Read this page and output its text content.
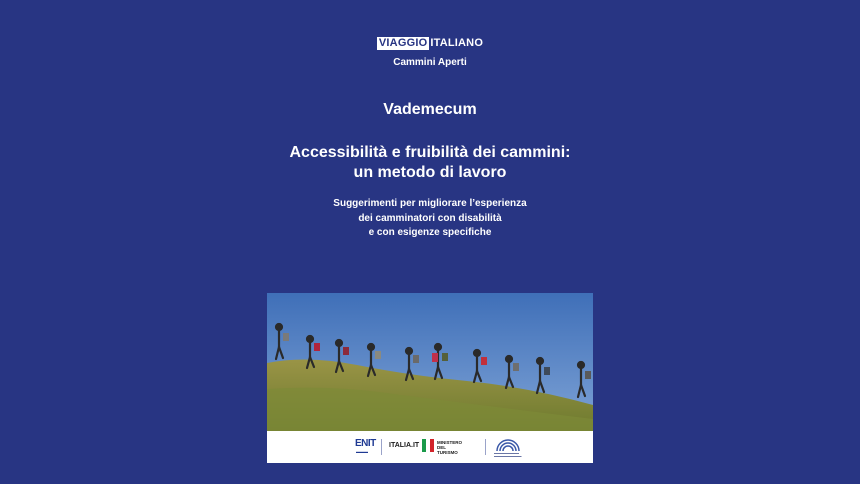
VIAGGIO ITALIANO
Cammini Aperti
Vademecum
Accessibilità e fruibilità dei cammini:
un metodo di lavoro
Suggerimenti per migliorare l’esperienza
dei camminatori con disabilità
e con esigenze specifiche
ENIT
▬▬▬
ITALIA.IT	MINISTERO
DEL TURISMO	▬▬▬▬▬▬▬▬▬▬
▬▬▬▬▬▬▬▬▬▬▬
